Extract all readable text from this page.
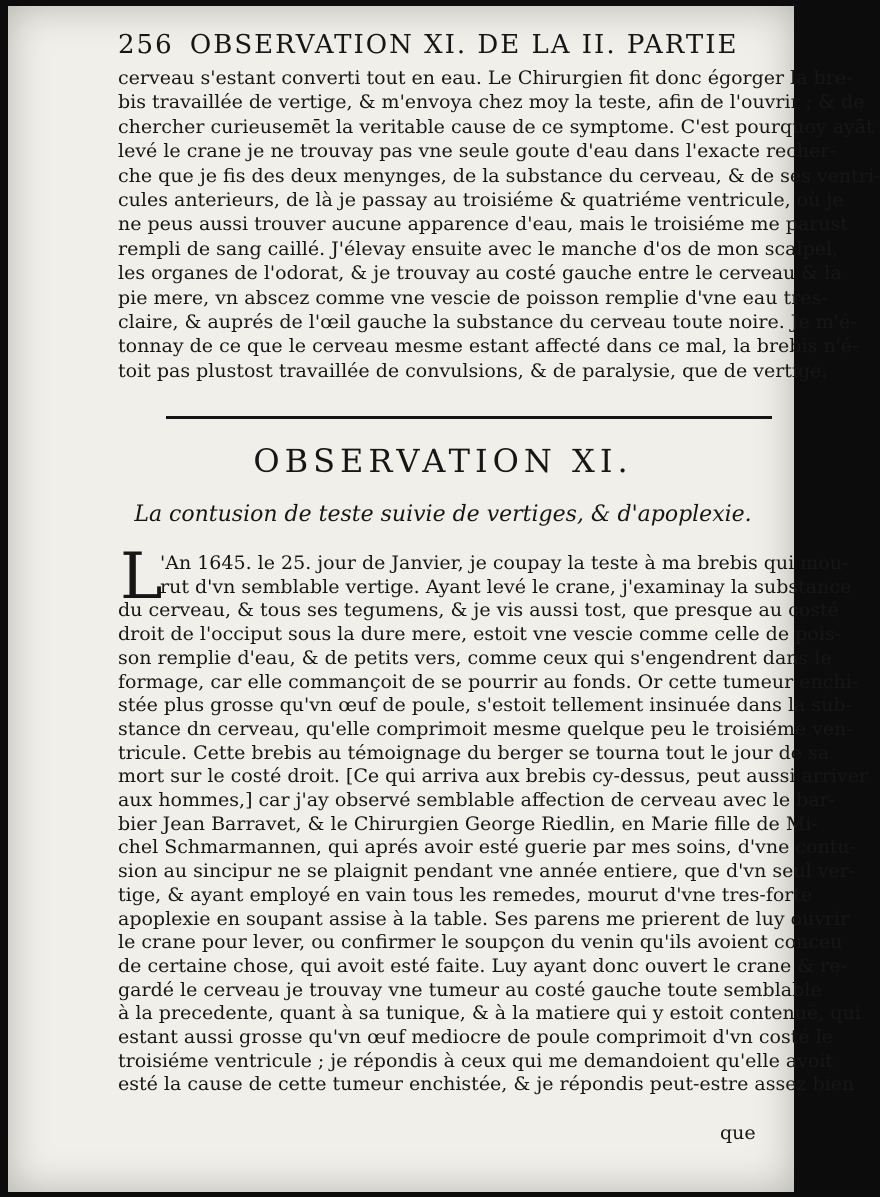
256 OBSERVATION XI. DE LA II. PARTIE
cerveau s'estant converti tout en eau. Le Chirurgien fit donc égorger la bre-
bis travaillée de vertige, & m'envoya chez moy la teste, afin de l'ouvrir ; & de
chercher curieusemēt la veritable cause de ce symptome. C'est pourquoy ayāt
levé le crane je ne trouvay pas vne seule goute d'eau dans l'exacte recher-
che que je fis des deux menynges, de la substance du cerveau, & de ses ventri-
cules anterieurs, de là je passay au troisiéme & quatriéme ventricule, où je
ne peus aussi trouver aucune apparence d'eau, mais le troisiéme me parust
rempli de sang caillé. J'élevay ensuite avec le manche d'os de mon scalpel,
les organes de l'odorat, & je trouvay au costé gauche entre le cerveau & la
pie mere, vn abscez comme vne vescie de poisson remplie d'vne eau tres-
claire, & auprés de l'œil gauche la substance du cerveau toute noire. Je m'é-
tonnay de ce que le cerveau mesme estant affecté dans ce mal, la brebis n'é-
toit pas plustost travaillée de convulsions, & de paralysie, que de vertige.
OBSERVATION XI.
La contusion de teste suivie de vertiges, & d'apoplexie.
L
'An 1645. le 25. jour de Janvier, je coupay la teste à ma brebis qui mou-
rut d'vn semblable vertige. Ayant levé le crane, j'examinay la substance
du cerveau, & tous ses tegumens, & je vis aussi tost, que presque au costé
droit de l'occiput sous la dure mere, estoit vne vescie comme celle de pois-
son remplie d'eau, & de petits vers, comme ceux qui s'engendrent dans le
formage, car elle commançoit de se pourrir au fonds. Or cette tumeur enchi-
stée plus grosse qu'vn œuf de poule, s'estoit tellement insinuée dans la sub-
stance dn cerveau, qu'elle comprimoit mesme quelque peu le troisiéme ven-
tricule. Cette brebis au témoignage du berger se tourna tout le jour de sa
mort sur le costé droit. [Ce qui arriva aux brebis cy-dessus, peut aussi arriver
aux hommes,] car j'ay observé semblable affection de cerveau avec le bar-
bier Jean Barravet, & le Chirurgien George Riedlin, en Marie fille de Mi-
chel Schmarmannen, qui aprés avoir esté guerie par mes soins, d'vne contu-
sion au sincipur ne se plaignit pendant vne année entiere, que d'vn seul ver-
tige, & ayant employé en vain tous les remedes, mourut d'vne tres-forte
apoplexie en soupant assise à la table. Ses parens me prierent de luy ouvrir
le crane pour lever, ou confirmer le soupçon du venin qu'ils avoient conceu
de certaine chose, qui avoit esté faite. Luy ayant donc ouvert le crane & re-
gardé le cerveau je trouvay vne tumeur au costé gauche toute semblable
à la precedente, quant à sa tunique, & à la matiere qui y estoit contenuë, qui
estant aussi grosse qu'vn œuf mediocre de poule comprimoit d'vn costé le
troisiéme ventricule ; je répondis à ceux qui me demandoient qu'elle avoit
esté la cause de cette tumeur enchistée, & je répondis peut-estre assez bien
que
